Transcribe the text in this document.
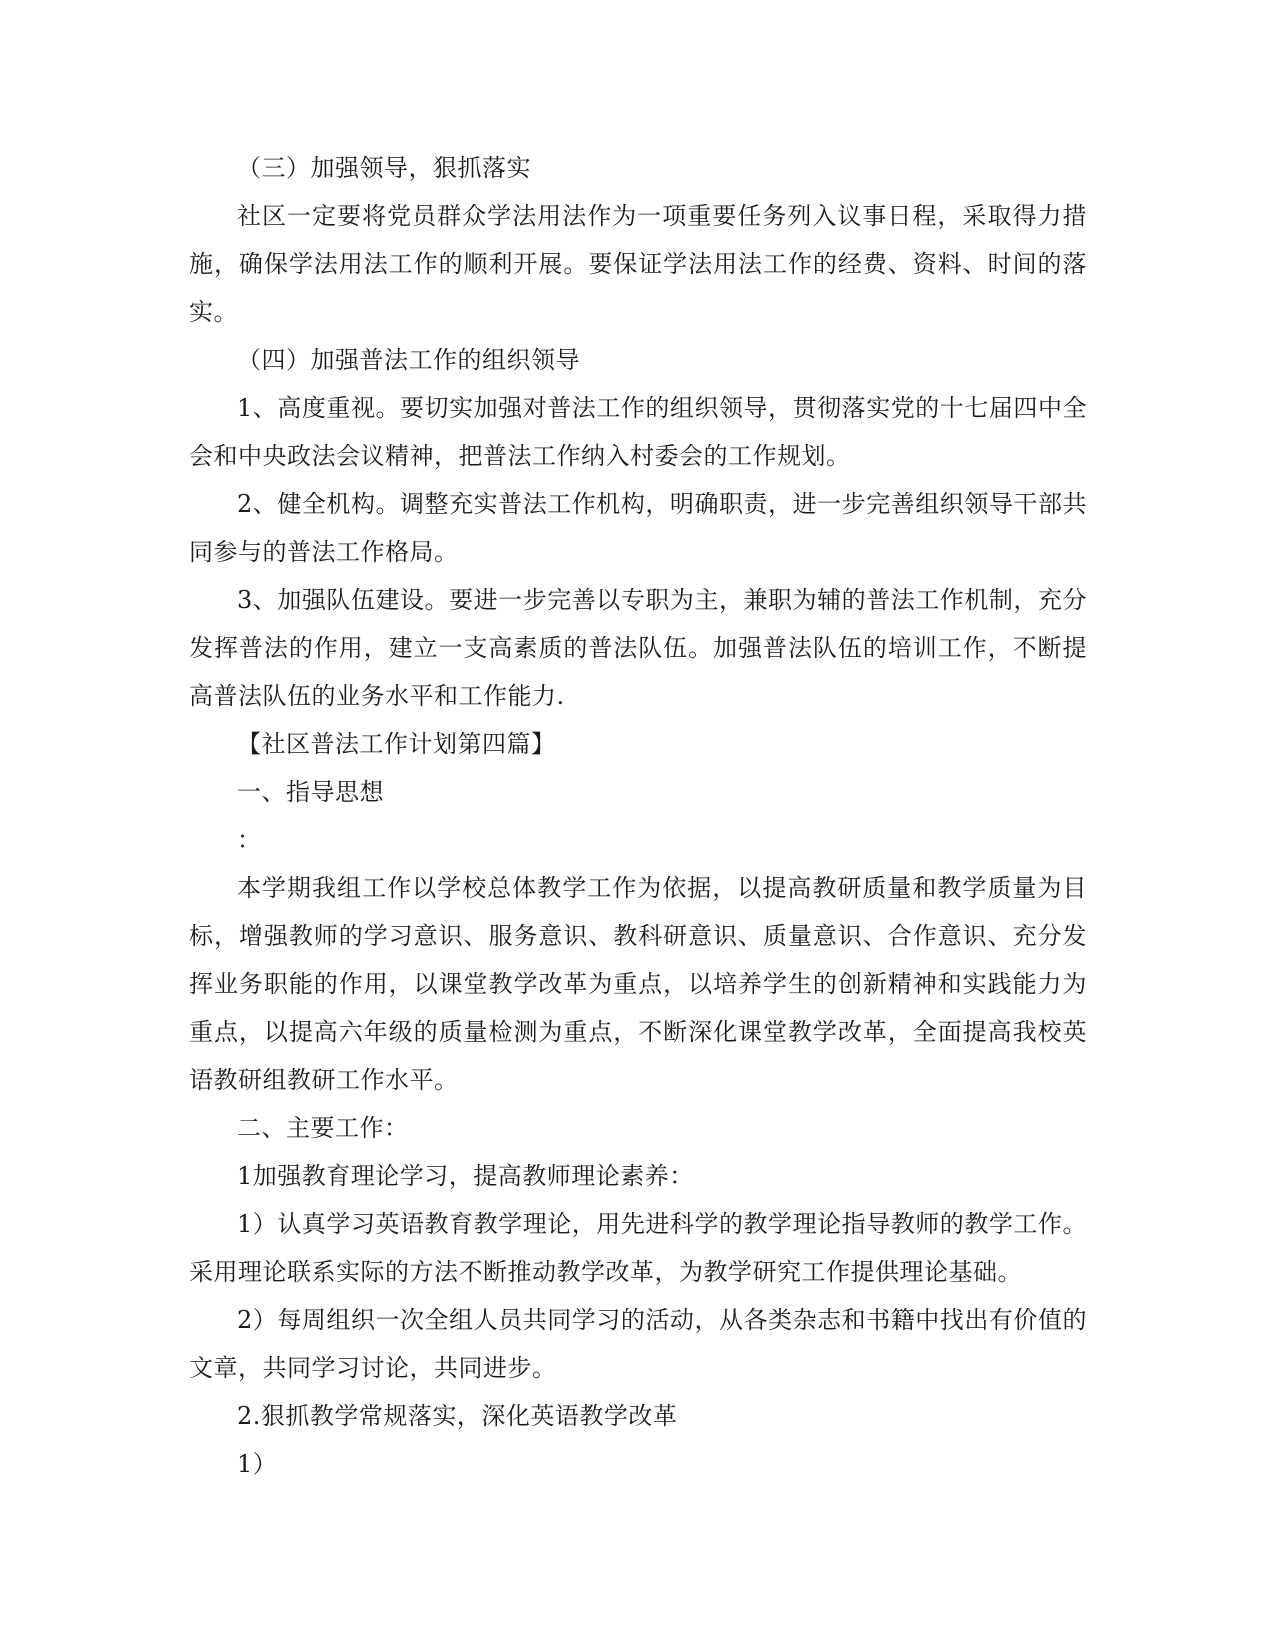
（三）加强领导，狠抓落实

社区一定要将党员群众学法用法作为一项重要任务列入议事日程，采取得力措施，确保学法用法工作的顺利开展。要保证学法用法工作的经费、资料、时间的落实。

（四）加强普法工作的组织领导

1、高度重视。要切实加强对普法工作的组织领导，贯彻落实党的十七届四中全会和中央政法会议精神，把普法工作纳入村委会的工作规划。

2、健全机构。调整充实普法工作机构，明确职责，进一步完善组织领导干部共同参与的普法工作格局。

3、加强队伍建设。要进一步完善以专职为主，兼职为辅的普法工作机制，充分发挥普法的作用，建立一支高素质的普法队伍。加强普法队伍的培训工作，不断提高普法队伍的业务水平和工作能力.

【社区普法工作计划第四篇】

一、指导思想

：

本学期我组工作以学校总体教学工作为依据，以提高教研质量和教学质量为目标，增强教师的学习意识、服务意识、教科研意识、质量意识、合作意识、充分发挥业务职能的作用，以课堂教学改革为重点，以培养学生的创新精神和实践能力为重点，以提高六年级的质量检测为重点，不断深化课堂教学改革，全面提高我校英语教研组教研工作水平。

二、主要工作：

1加强教育理论学习，提高教师理论素养：

1）认真学习英语教育教学理论，用先进科学的教学理论指导教师的教学工作。采用理论联系实际的方法不断推动教学改革，为教学研究工作提供理论基础。

2）每周组织一次全组人员共同学习的活动，从各类杂志和书籍中找出有价值的文章，共同学习讨论，共同进步。

2.狠抓教学常规落实，深化英语教学改革

1）
